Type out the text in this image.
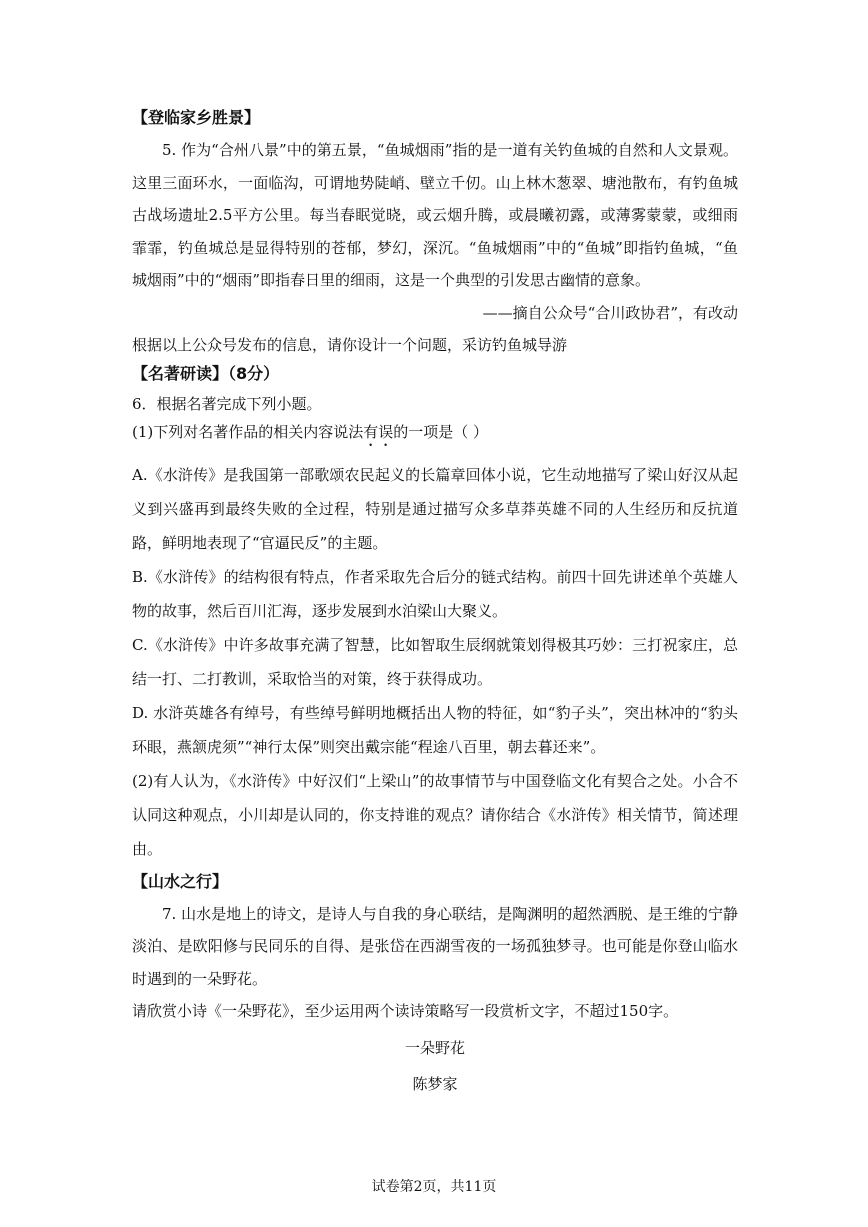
【登临家乡胜景】

5. 作为“合州八景”中的第五景，“鱼城烟雨”指的是一道有关钓鱼城的自然和人文景观。这里三面环水，一面临沟，可谓地势陡峭、壁立千仞。山上林木葱翠、塘池散布，有钓鱼城古战场遗址2.5平方公里。每当春眠觉晓，或云烟升腾，或晨曦初露，或薄雾蒙蒙，或细雨霏霏，钓鱼城总是显得特别的苍郁，梦幻，深沉。“鱼城烟雨”中的“鱼城”即指钓鱼城，“鱼城烟雨”中的“烟雨”即指春日里的细雨，这是一个典型的引发思古幽情的意象。

——摘自公众号“合川政协君”，有改动

根据以上公众号发布的信息，请你设计一个问题，采访钓鱼城导游

【名著研读】（8分）

6．根据名著完成下列小题。

(1)下列对名著作品的相关内容说法有误的一项是（ ）

A.《水浒传》是我国第一部歌颂农民起义的长篇章回体小说，它生动地描写了梁山好汉从起义到兴盛再到最终失败的全过程，特别是通过描写众多草莽英雄不同的人生经历和反抗道路，鲜明地表现了“官逼民反”的主题。

B.《水浒传》的结构很有特点，作者采取先合后分的链式结构。前四十回先讲述单个英雄人物的故事，然后百川汇海，逐步发展到水泊梁山大聚义。

C.《水浒传》中许多故事充满了智慧，比如智取生辰纲就策划得极其巧妙：三打祝家庄，总结一打、二打教训，采取恰当的对策，终于获得成功。

D. 水浒英雄各有绰号，有些绰号鲜明地概括出人物的特征，如“豹子头”，突出林冲的“豹头环眼，燕颔虎须”“神行太保”则突出戴宗能“程途八百里，朝去暮还来”。

(2)有人认为，《水浒传》中好汉们“上梁山”的故事情节与中国登临文化有契合之处。小合不认同这种观点，小川却是认同的，你支持谁的观点？请你结合《水浒传》相关情节，简述理由。

【山水之行】

7. 山水是地上的诗文，是诗人与自我的身心联结，是陶渊明的超然洒脱、是王维的宁静淡泊、是欧阳修与民同乐的自得、是张岱在西湖雪夜的一场孤独梦寻。也可能是你登山临水时遇到的一朵野花。

请欣赏小诗《一朵野花》，至少运用两个读诗策略写一段赏析文字，不超过150字。

一朵野花

陈梦家

试卷第2页，共11页
